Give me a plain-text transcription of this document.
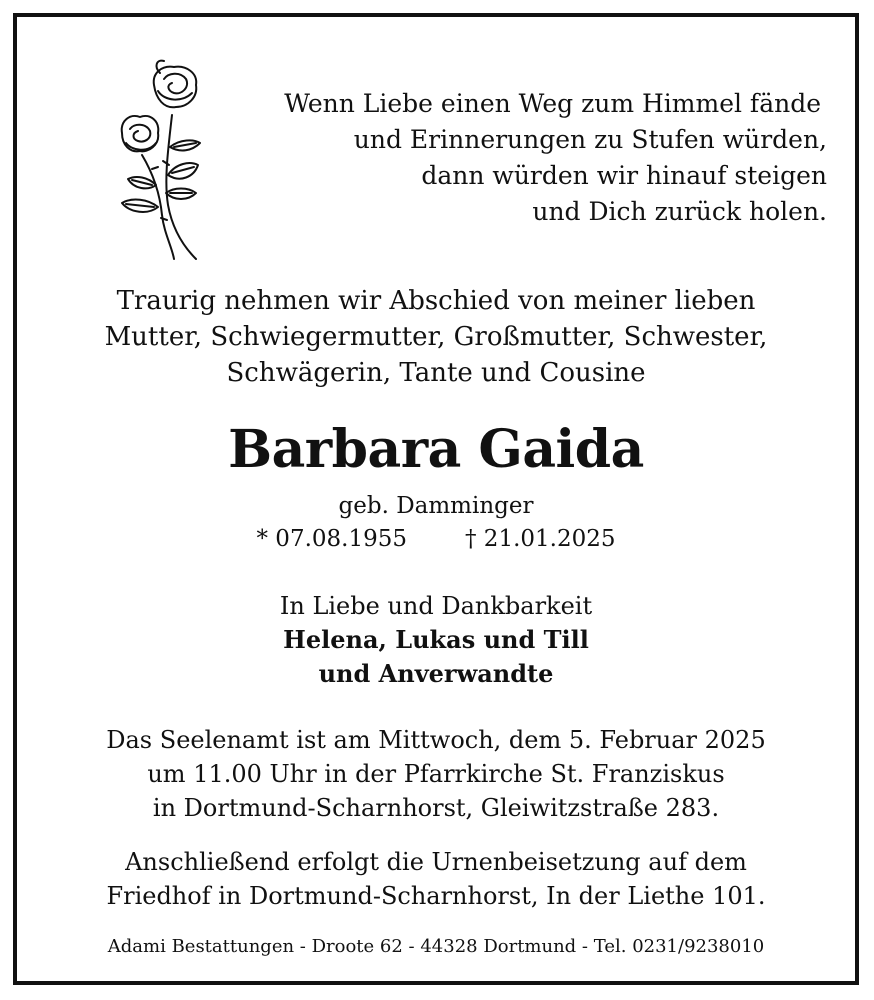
Wenn Liebe einen Weg zum Himmel fände
und Erinnerungen zu Stufen würden,
dann würden wir hinauf steigen
und Dich zurück holen.
Traurig nehmen wir Abschied von meiner lieben
Mutter, Schwiegermutter, Großmutter, Schwester,
Schwägerin, Tante und Cousine
Barbara Gaida
geb. Damminger
* 07.08.1955	† 21.01.2025
In Liebe und Dankbarkeit
Helena, Lukas und Till
und Anverwandte
Das Seelenamt ist am Mittwoch, dem 5. Februar 2025
um 11.00 Uhr in der Pfarrkirche St. Franziskus
in Dortmund-Scharnhorst, Gleiwitzstraße 283.
Anschließend erfolgt die Urnenbeisetzung auf dem
Friedhof in Dortmund-Scharnhorst, In der Liethe 101.
Adami Bestattungen - Droote 62 - 44328 Dortmund - Tel. 0231/9238010
